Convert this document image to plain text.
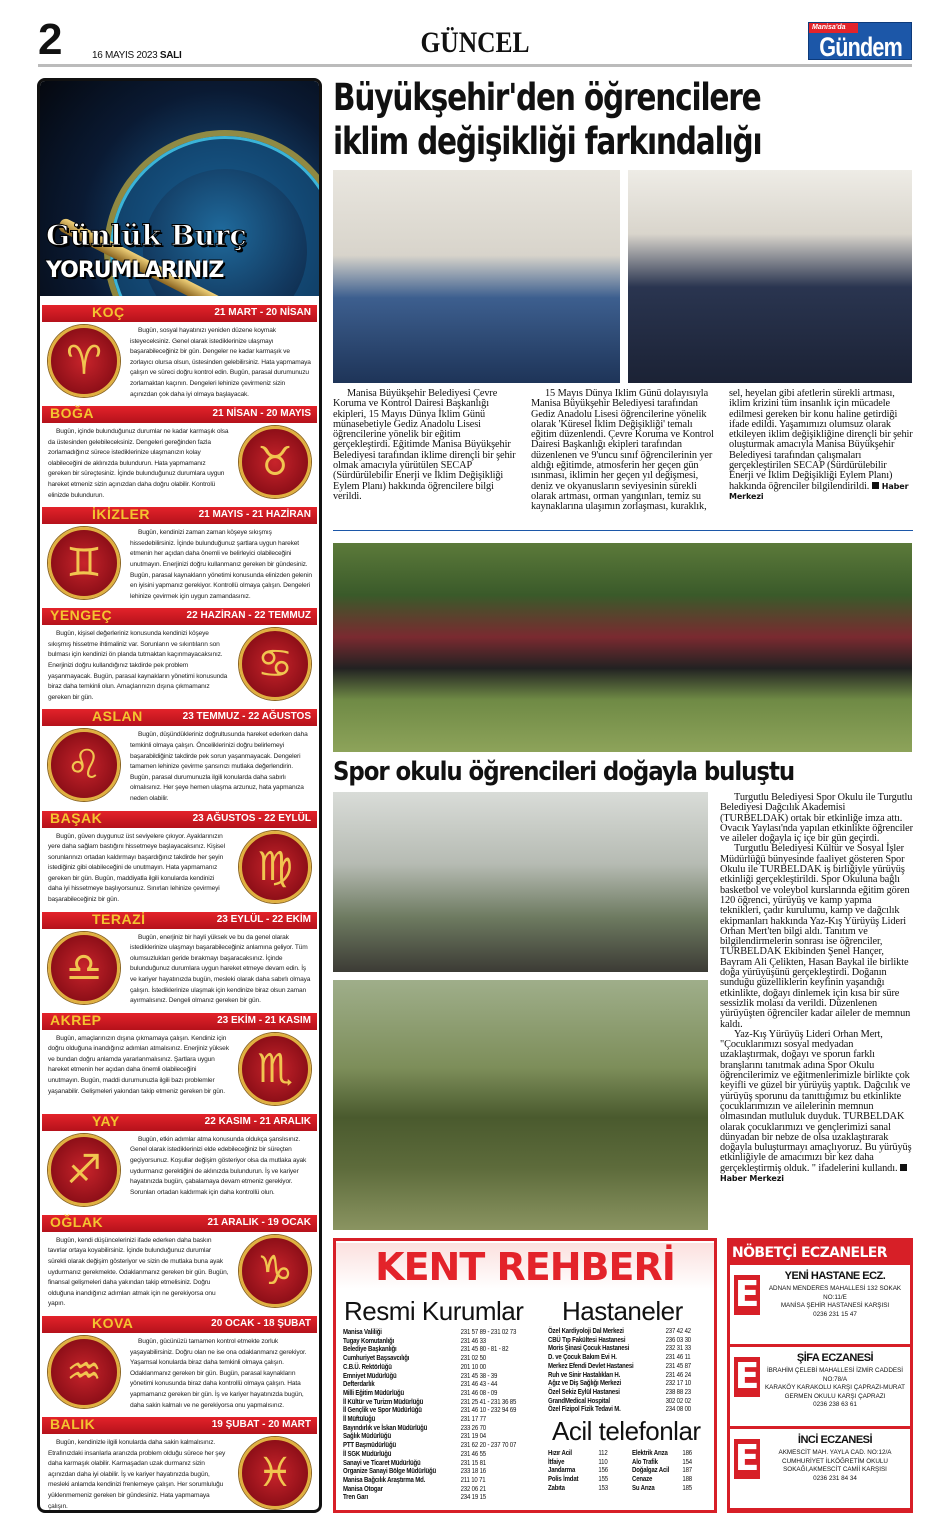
2	16 MAYIS 2023 SALI	GÜNCEL	Manisa'da
Gündem
Günlük Burç
YORUMLARINIZ
♈
KOÇ	21 MART - 20 NİSAN
Bugün, sosyal hayatınızı yeniden düzene koymak isteyeceksiniz. Genel olarak istediklerinize ulaşmayı başarabileceğiniz bir gün. Dengeler ne kadar karmaşık ve zorlayıcı olursa olsun, üstesinden gelebilirsiniz. Hata yapmamaya çalışın ve süreci doğru kontrol edin. Bugün, parasal durumunuzu zorlamaktan kaçının. Dengeleri lehinize çevirmeniz sizin açınızdan çok daha iyi olmaya başlayacak.
♉
BOĞA	21 NİSAN - 20 MAYIS
Bugün, içinde bulunduğunuz durumlar ne kadar karmaşık olsa da üstesinden gelebileceksiniz. Dengeleri gereğinden fazla zorlamadığınız sürece istediklerinize ulaşmanızın kolay olabileceğini de aklınızda bulundurun. Hata yapmamanız gereken bir süreçtesiniz. İçinde bulunduğunuz durumlara uygun hareket etmeniz sizin açınızdan daha doğru olabilir. Kontrolü elinizde bulundurun.
♊
İKİZLER	21 MAYIS - 21 HAZİRAN
Bugün, kendinizi zaman zaman köşeye sıkışmış hissedebilirsiniz. İçinde bulunduğunuz şartlara uygun hareket etmenin her açıdan daha önemli ve belirleyici olabileceğini unutmayın. Enerjinizi doğru kullanmanız gereken bir gündesiniz. Bugün, parasal kaynakların yönetimi konusunda elinizden gelenin en iyisini yapmanız gerekiyor. Kontrollü olmaya çalışın. Dengeleri lehinize çevirmek için uygun zamandasınız.
♋
YENGEÇ	22 HAZİRAN - 22 TEMMUZ
Bugün, kişisel değerleriniz konusunda kendinizi köşeye sıkışmış hissetme ihtimaliniz var. Sorunların ve sıkıntıların son bulması için kendinizi ön planda tutmaktan kaçınmayacaksınız. Enerjinizi doğru kullandığınız takdirde pek problem yaşanmayacak. Bugün, parasal kaynakların yönetimi konusunda biraz daha temkinli olun. Amaçlarınızın dışına çıkmamanız gereken bir gün.
♌
ASLAN	23 TEMMUZ - 22 AĞUSTOS
Bugün, düşündükleriniz doğrultusunda hareket ederken daha temkinli olmaya çalışın. Önceliklerinizi doğru belirlemeyi başarabildiğiniz takdirde pek sorun yaşanmayacak. Dengeleri tamamen lehinize çevirme şansınızı mutlaka değerlendirin. Bugün, parasal durumunuzla ilgili konularda daha sabırlı olmalısınız. Her şeye hemen ulaşma arzunuz, hata yapmanıza neden olabilir.
♍
BAŞAK	23 AĞUSTOS - 22 EYLÜL
Bugün, güven duygunuz üst seviyelere çıkıyor. Ayaklarınızın yere daha sağlam bastığını hissetmeye başlayacaksınız. Kişisel sorunlarınızı ortadan kaldırmayı başardığınız takdirde her şeyin istediğiniz gibi olabileceğini de unutmayın. Hata yapmamanız gereken bir gün. Bugün, maddiyatla ilgili konularda kendinizi daha iyi hissetmeye başlıyorsunuz. Sınırları lehinize çevirmeyi başarabileceğiniz bir gün.
♎
TERAZİ	23 EYLÜL - 22 EKİM
Bugün, enerjiniz bir hayli yüksek ve bu da genel olarak istediklerinize ulaşmayı başarabileceğiniz anlamına geliyor. Tüm olumsuzlukları geride bırakmayı başaracaksınız. İçinde bulunduğunuz durumlara uygun hareket etmeye devam edin. İş ve kariyer hayatınızda bugün, mesleki olarak daha sabırlı olmaya çalışın. İstediklerinize ulaşmak için kendinize biraz olsun zaman ayırmalısınız. Dengeli olmanız gereken bir gün.
♏
AKREP	23 EKİM - 21 KASIM
Bugün, amaçlarınızın dışına çıkmamaya çalışın. Kendiniz için doğru olduğuna inandığınız adımları atmalısınız. Enerjiniz yüksek ve bundan doğru anlamda yararlanmalısınız. Şartlara uygun hareket etmenin her açıdan daha önemli olabileceğini unutmayın. Bugün, maddi durumunuzla ilgili bazı problemler yaşanabilir. Gelişmeleri yakından takip etmeniz gereken bir gün.
♐
YAY	22 KASIM - 21 ARALIK
Bugün, etkin adımlar atma konusunda oldukça şanslısınız. Genel olarak istediklerinizi elde edebileceğiniz bir süreçten geçiyorsunuz. Koşullar değişim gösteriyor olsa da mutlaka ayak uydurmanız gerektiğini de aklınızda bulundurun. İş ve kariyer hayatınızda bugün, çabalamaya devam etmeniz gerekiyor. Sorunları ortadan kaldırmak için daha kontrollü olun.
♑
OĞLAK	21 ARALIK - 19 OCAK
Bugün, kendi düşüncelerinizi ifade ederken daha baskın tavırlar ortaya koyabilirsiniz. İçinde bulunduğunuz durumlar sürekli olarak değişim gösteriyor ve sizin de mutlaka buna ayak uydurmanız gerekmekte. Odaklanmanız gereken bir gün. Bugün, finansal gelişmeleri daha yakından takip etmelisiniz. Doğru olduğuna inandığınız adımları atmak için ne gerekiyorsa onu yapın.
♒
KOVA	20 OCAK - 18 ŞUBAT
Bugün, gücünüzü tamamen kontrol etmekte zorluk yaşayabilirsiniz. Doğru olan ne ise ona odaklanmanız gerekiyor. Yaşamsal konularda biraz daha temkinli olmaya çalışın. Odaklanmanız gereken bir gün. Bugün, parasal kaynakların yönetimi konusunda biraz daha kontrollü olmaya çalışın. Hata yapmamanız gereken bir gün. İş ve kariyer hayatınızda bugün, daha sakin kalmalı ve ne gerekiyorsa onu yapmalısınız.
♓
BALIK	19 ŞUBAT - 20 MART
Bugün, kendinizle ilgili konularda daha sakin kalmalısınız. Etrafınızdaki insanlarla aranızda problem olduğu sürece her şey daha karmaşık olabilir. Karmaşadan uzak durmanız sizin açınızdan daha iyi olabilir. İş ve kariyer hayatınızda bugün, mesleki anlamda kendinizi frenlemeye çalışın. Her sorumluluğu yüklenmemeniz gereken bir gündesiniz. Hata yapmamaya çalışın.
Büyükşehir'den öğrencilere
iklim değişikliği farkındalığı

Manisa Büyükşehir Belediyesi Çevre Koruma ve Kontrol Dairesi Başkanlığı ekipleri, 15 Mayıs Dünya İklim Günü münasebetiyle Gediz Anadolu Lisesi öğrencilerine yönelik bir eğitim gerçekleştirdi. Eğitimde Manisa Büyükşehir Belediyesi tarafından iklime dirençli bir şehir olmak amacıyla yürütülen SECAP (Sürdürülebilir Enerji ve İklim Değişikliği Eylem Planı) hakkında öğrencilere bilgi verildi.

15 Mayıs Dünya İklim Günü dolayısıyla Manisa Büyükşehir Belediyesi tarafından Gediz Anadolu Lisesi öğrencilerine yönelik olarak 'Küresel İklim Değişikliği' temalı eğitim düzenlendi. Çevre Koruma ve Kontrol Dairesi Başkanlığı ekipleri tarafından düzenlenen ve 9'uncu sınıf öğrencilerinin yer aldığı eğitimde, atmosferin her geçen gün ısınması, iklimin her geçen yıl değişmesi, deniz ve okyanusların seviyesinin sürekli olarak artması, orman yangınları, temiz su kaynaklarına ulaşımın zorlaşması, kuraklık, sel, heyelan gibi afetlerin sürekli artması, iklim krizini tüm insanlık için mücadele edilmesi gereken bir konu haline getirdiği ifade edildi. Yaşamımızı olumsuz olarak etkileyen iklim değişikliğine dirençli bir şehir oluşturmak amacıyla Manisa Büyükşehir Belediyesi tarafından çalışmaları gerçekleştirilen SECAP (Sürdürülebilir Enerji ve İklim Değişikliği Eylem Planı) hakkında öğrenciler bilgilendirildi. Haber Merkezi

Spor okulu öğrencileri doğayla buluştu

Turgutlu Belediyesi Spor Okulu ile Turgutlu Belediyesi Dağcılık Akademisi (TURBELDAK) ortak bir etkinliğe imza attı. Ovacık Yaylası'nda yapılan etkinlikte öğrenciler ve aileler doğayla iç içe bir gün geçirdi.

Turgutlu Belediyesi Kültür ve Sosyal İşler Müdürlüğü bünyesinde faaliyet gösteren Spor Okulu ile TURBELDAK iş birliğiyle yürüyüş etkinliği gerçekleştirildi. Spor Okuluna bağlı basketbol ve voleybol kurslarında eğitim gören 120 öğrenci, yürüyüş ve kamp yapma teknikleri, çadır kurulumu, kamp ve dağcılık ekipmanları hakkında Yaz-Kış Yürüyüş Lideri Orhan Mert'ten bilgi aldı. Tanıtım ve bilgilendirmelerin sonrası ise öğrenciler, TURBELDAK Ekibinden Şenel Hançer, Bayram Ali Çelikten, Hasan Baykal ile birlikte doğa yürüyüşünü gerçekleştirdi. Doğanın sunduğu güzelliklerin keyfinin yaşandığı etkinlikte, doğayı dinlemek için kısa bir süre sessizlik molası da verildi. Düzenlenen yürüyüşten öğrenciler kadar aileler de memnun kaldı.

Yaz-Kış Yürüyüş Lideri Orhan Mert, "Çocuklarımızı sosyal medyadan uzaklaştırmak, doğayı ve sporun farklı branşlarını tanıtmak adına Spor Okulu öğrencilerimiz ve eğitmenlerimizle birlikte çok keyifli ve güzel bir yürüyüş yaptık. Dağcılık ve yürüyüş sporunu da tanıttığımız bu etkinlikte çocuklarımızın ve ailelerinin memnun olmasından mutluluk duyduk. TURBELDAK olarak çocuklarımızı ve gençlerimizi sanal dünyadan bir nebze de olsa uzaklaştırarak doğayla buluşturmayı amaçlıyoruz. Bu yürüyüş etkinliğiyle de amacımızı bir kez daha gerçekleştirmiş olduk. " ifadelerini kullandı. Haber Merkezi

KENT REHBERİ
Resmi Kurumlar Hastaneler
Acil telefonlar
Manisa Valiliği	231 57 89 - 231 02 73
Tugay Komutanlığı	231 46 33
Belediye Başkanlığı	231 45 80 - 81 - 82
Cumhuriyet Başsavcılığı	231 02 50
C.B.Ü. Rektörlüğü	201 10 00
Emniyet Müdürlüğü	231 45 38 - 39
Defterdarlık	231 46 43 - 44
Milli Eğitim Müdürlüğü	231 46 08 - 09
İl Kültür ve Turizm Müdürlüğü	231 25 41 - 231 36 85
İl Gençlik ve Spor Müdürlüğü	231 46 10 - 232 94 69
İl Müftülüğü	231 17 77
Bayındırlık ve İskan Müdürlüğü	233 26 70
Sağlık Müdürlüğü	231 19 04
PTT Başmüdürlüğü	231 62 20 - 237 70 07
İl SGK Müdürlüğü	231 46 55
Sanayi ve Ticaret Müdürlüğü	231 15 81
Organize Sanayi Bölge Müdürlüğü	233 18 16
Manisa Bağcılık Araştırma Md.	211 10 71
Manisa Otogar	232 06 21
Tren Garı	234 19 15
Özel Kardiyoloji Dal Merkezi	237 42 42
CBÜ Tıp Fakültesi Hastanesi	236 03 30
Moris Şinasi Çocuk Hastanesi	232 31 33
D. ve Çocuk Bakım Evi H.	231 46 11
Merkez Efendi Devlet Hastanesi	231 45 87
Ruh ve Sinir Hastalıkları H.	231 46 24
Ağız ve Diş Sağlığı Merkezi	232 17 10
Özel Sekiz Eylül Hastanesi	238 88 23
GrandMedical Hospital	302 02 02
Özel Fizipol Fizik Tedavi M.	234 08 00
Hızır Acil	112
İtfaiye	110
Jandarma	156
Polis İmdat	155
Zabıta	153
Elektrik Arıza	186
Alo Trafik	154
Doğalgaz Acil	187
Cenaze	188
Su Arıza	185
NÖBETÇİ ECZANELER
E	YENİ HASTANE ECZ.
ADNAN MENDERES MAHALLESİ 132 SOKAK NO:11/E
MANİSA ŞEHİR HASTANESİ KARŞISI
0236 231 15 47
E	ŞİFA ECZANESİ
İBRAHİM ÇELEBİ MAHALLESİ İZMİR CADDESİ NO:78/A
KARAKÖY KARAKOLU KARŞI ÇAPRAZI-MURAT GERMEN OKULU KARŞI ÇAPRAZI
0236 238 63 61
E	İNCİ ECZANESİ
AKMESCİT MAH. YAYLA CAD. NO:12/A
CUMHURİYET İLKÖĞRETİM OKULU SOKAĞI,AKMESCİT CAMİİ KARŞISI
0236 231 84 34
